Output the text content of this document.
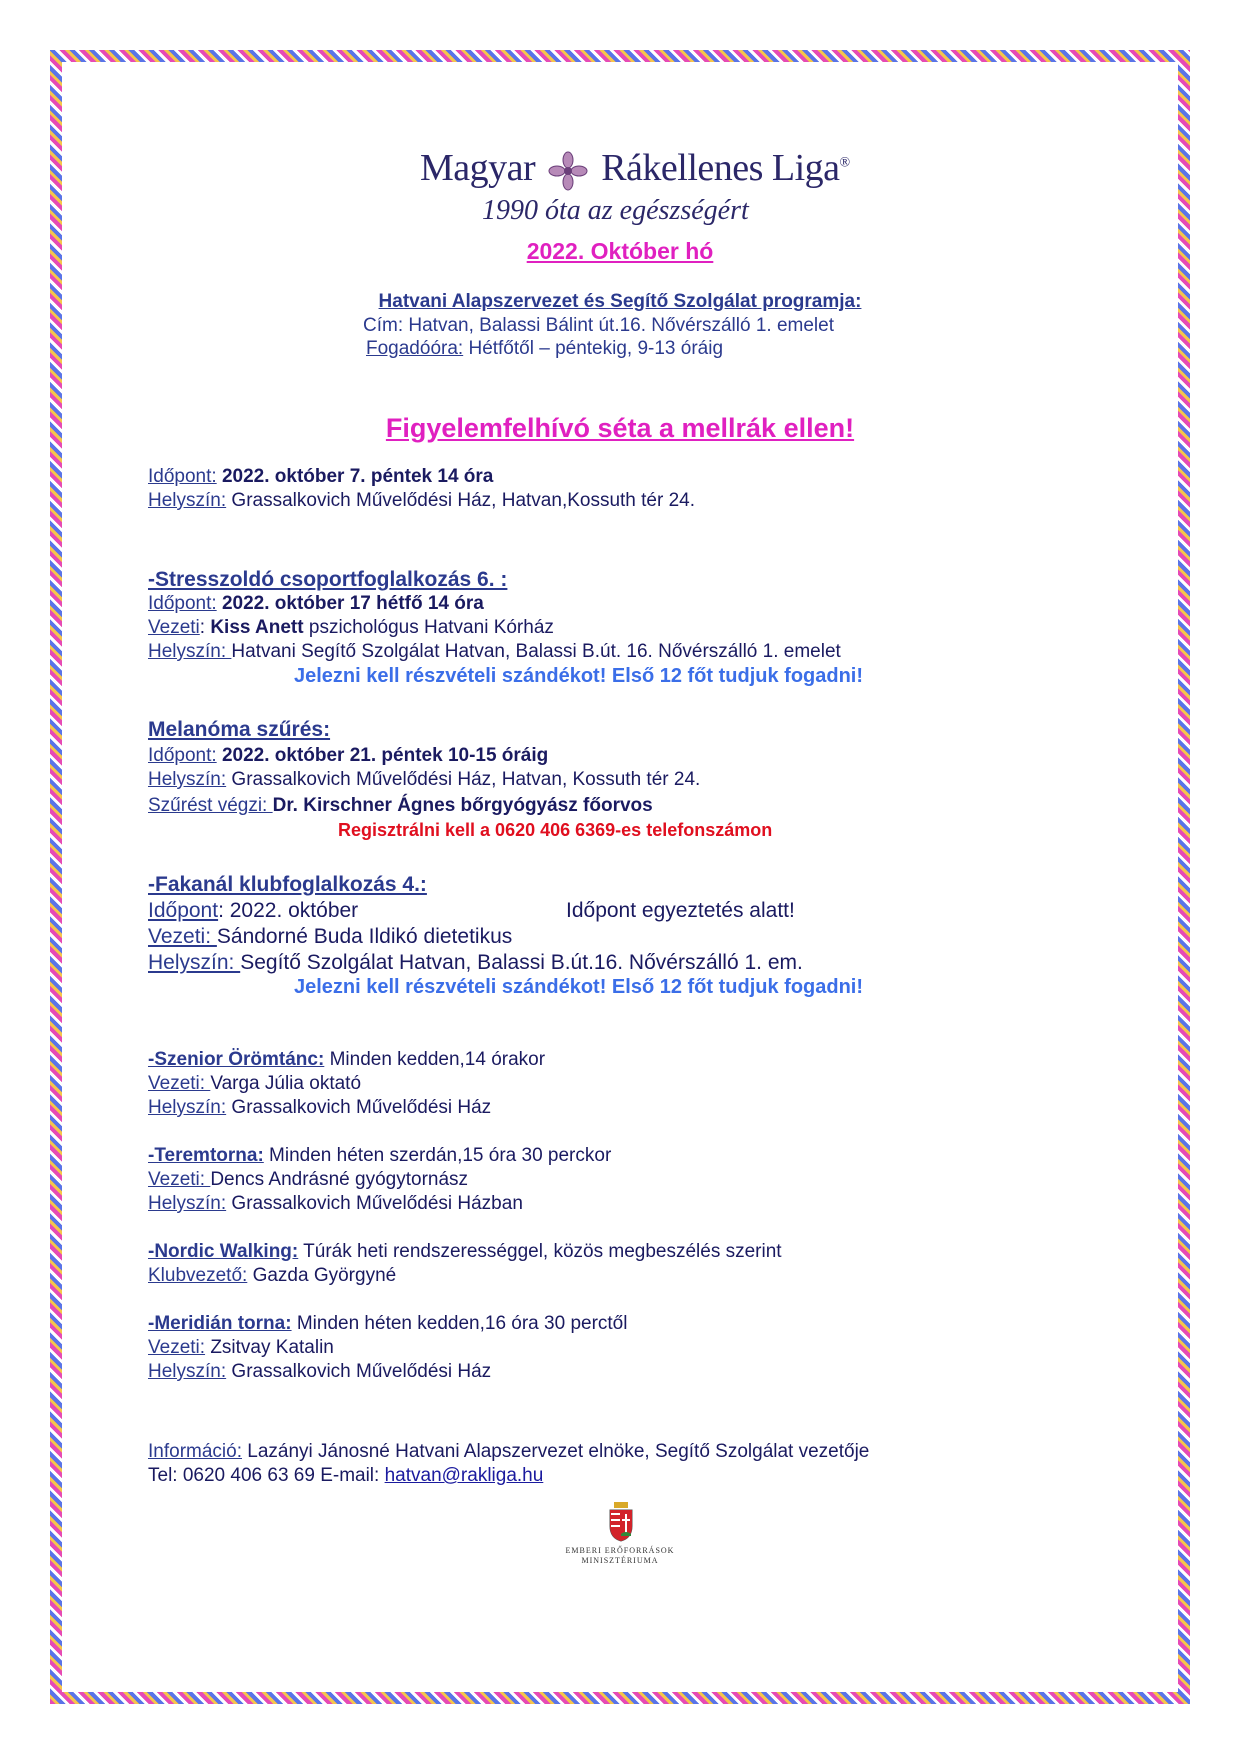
Magyar Rákellenes Liga®
1990 óta az egészségért
2022. Október hó
Hatvani Alapszervezet és Segítő Szolgálat programja:
Cím: Hatvan, Balassi Bálint út.16. Nővérszálló 1. emelet
Fogadóóra: Hétfőtől – péntekig, 9-13 óráig
Figyelemfelhívó séta a mellrák ellen!
Időpont: 2022. október 7. péntek 14 óra
Helyszín: Grassalkovich Művelődési Ház, Hatvan,Kossuth tér 24.
-Stresszoldó csoportfoglalkozás 6. :
Időpont: 2022. október 17 hétfő 14 óra
Vezeti: Kiss Anett pszichológus Hatvani Kórház
Helyszín: Hatvani Segítő Szolgálat Hatvan, Balassi B.út. 16. Nővérszálló 1. emelet
Jelezni kell részvételi szándékot! Első 12 főt tudjuk fogadni!
Melanóma szűrés:
Időpont: 2022. október 21. péntek 10-15 óráig
Helyszín: Grassalkovich Művelődési Ház, Hatvan, Kossuth tér 24.
Szűrést végzi: Dr. Kirschner Ágnes bőrgyógyász főorvos
Regisztrálni kell a 0620 406 6369-es telefonszámon
-Fakanál klubfoglalkozás 4.:
Időpont: 2022. október	Időpont egyeztetés alatt!
Vezeti: Sándorné Buda Ildikó dietetikus
Helyszín: Segítő Szolgálat Hatvan, Balassi B.út.16. Nővérszálló 1. em.
Jelezni kell részvételi szándékot! Első 12 főt tudjuk fogadni!
-Szenior Örömtánc: Minden kedden,14 órakor
Vezeti: Varga Júlia oktató
Helyszín: Grassalkovich Művelődési Ház
-Teremtorna: Minden héten szerdán,15 óra 30 perckor
Vezeti: Dencs Andrásné gyógytornász
Helyszín: Grassalkovich Művelődési Házban
-Nordic Walking: Túrák heti rendszerességgel, közös megbeszélés szerint
Klubvezető: Gazda Györgyné
-Meridián torna: Minden héten kedden,16 óra 30 perctől
Vezeti: Zsitvay Katalin
Helyszín: Grassalkovich Művelődési Ház
Információ: Lazányi Jánosné Hatvani Alapszervezet elnöke, Segítő Szolgálat vezetője
Tel: 0620 406 63 69 E-mail: hatvan@rakliga.hu
EMBERI ERŐFORRÁSOK
MINISZTÉRIUMA
